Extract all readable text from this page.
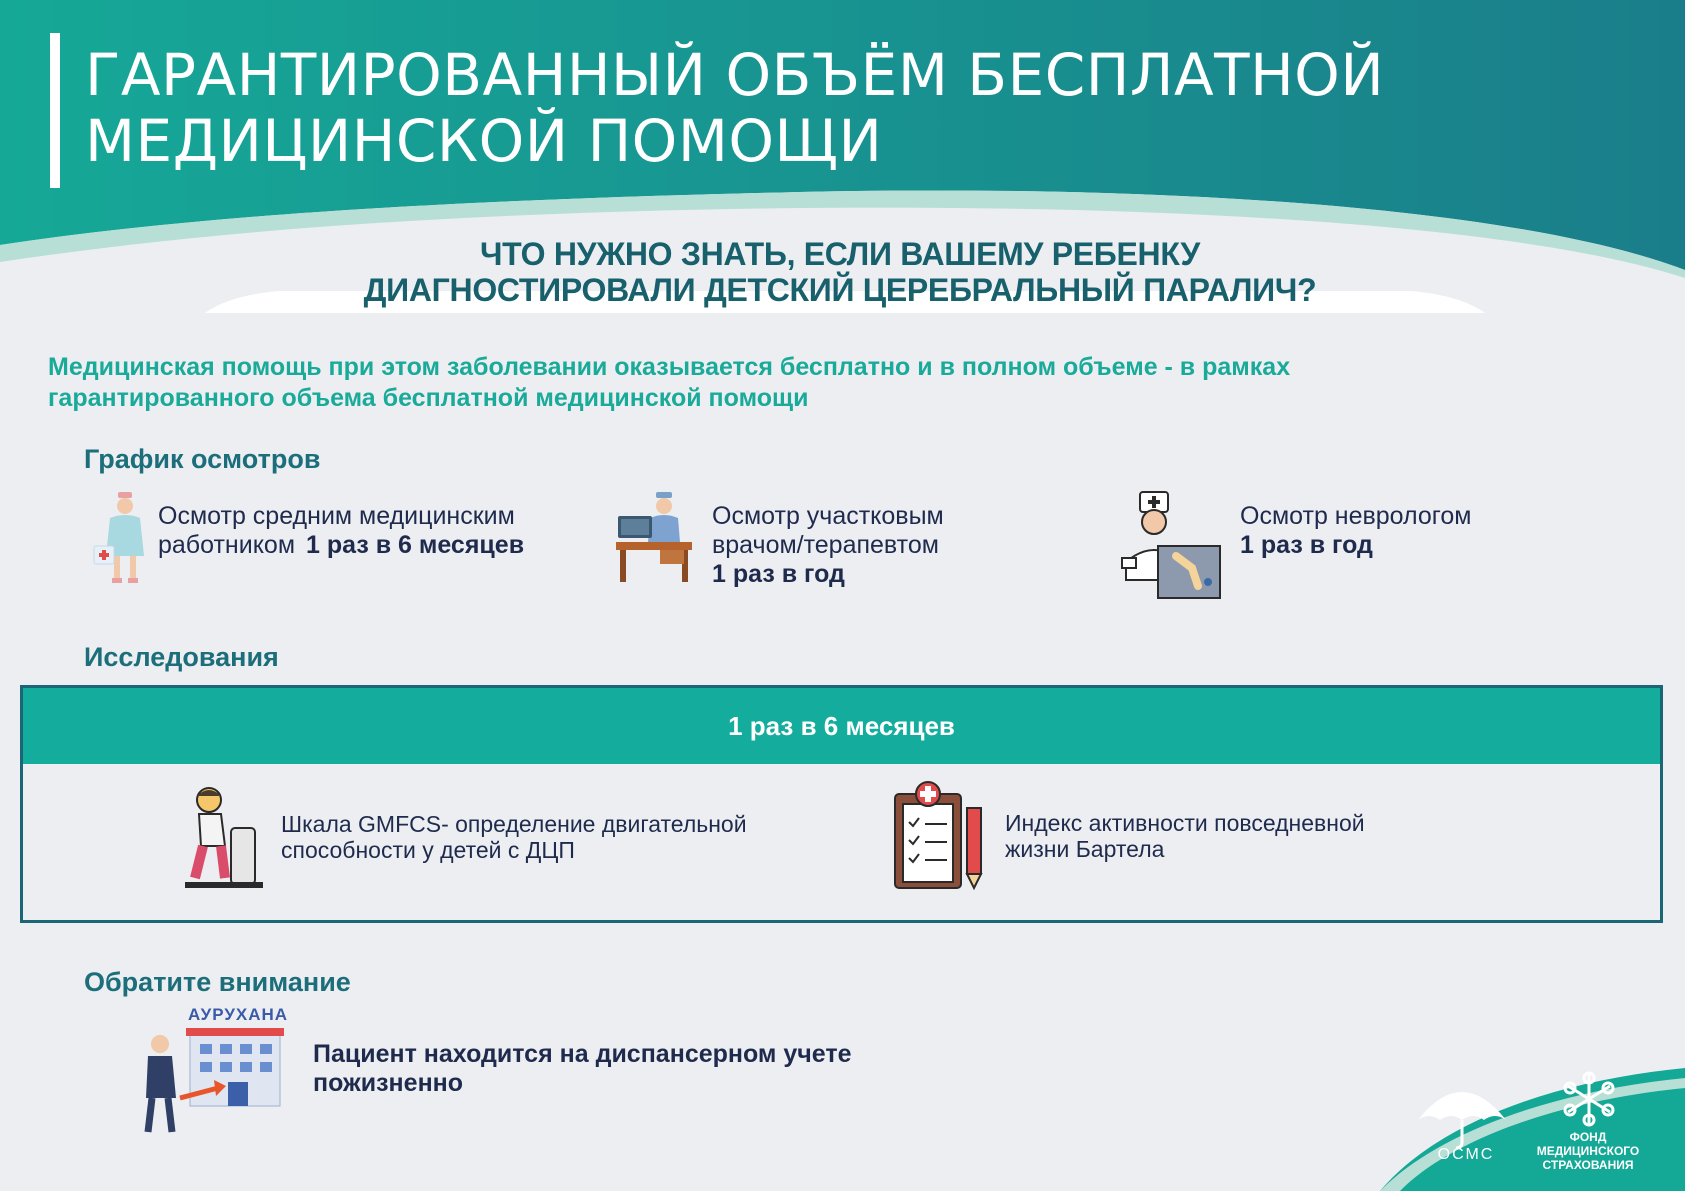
ГАРАНТИРОВАННЫЙ ОБЪЁМ БЕСПЛАТНОЙ
МЕДИЦИНСКОЙ ПОМОЩИ
ЧТО НУЖНО ЗНАТЬ, ЕСЛИ ВАШЕМУ РЕБЕНКУ
ДИАГНОСТИРОВАЛИ ДЕТСКИЙ ЦЕРЕБРАЛЬНЫЙ ПАРАЛИЧ?
Медицинская помощь при этом заболевании оказывается бесплатно и в полном объеме - в рамках гарантированного объема бесплатной медицинской помощи
График осмотров
Осмотр средним медицинским работником 1 раз в 6 месяцев
Осмотр участковым врачом/терапевтом
1 раз в год
Осмотр неврологом
1 раз в год
Исследования
1 раз в 6 месяцев
Шкала GMFCS- определение двигательной способности у детей с ДЦП
Индекс активности повседневной жизни Бартела
Обратите внимание
АУРУХАНА
Пациент находится на диспансерном учете пожизненно
ОСМС
ФОНД
МЕДИЦИНСКОГО
СТРАХОВАНИЯ
